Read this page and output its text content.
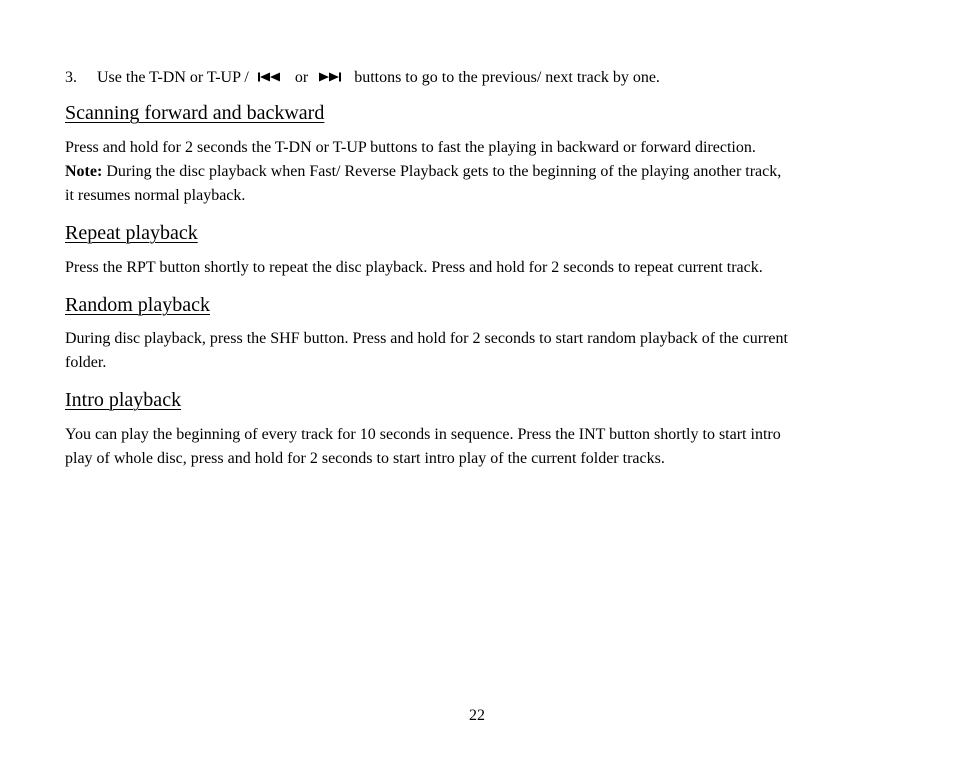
3. Use the T-DN or T-UP /	or	buttons to go to the previous/ next track by one.
Scanning forward and backward
Press and hold for 2 seconds the T-DN or T-UP buttons to fast the playing in backward or forward direction.
Note: During the disc playback when Fast/ Reverse Playback gets to the beginning of the playing another track,
it resumes normal playback.
Repeat playback
Press the RPT button shortly to repeat the disc playback. Press and hold for 2 seconds to repeat current track.
Random playback
During disc playback, press the SHF button. Press and hold for 2 seconds to start random playback of the current
folder.
Intro playback
You can play the beginning of every track for 10 seconds in sequence. Press the INT button shortly to start intro
play of whole disc, press and hold for 2 seconds to start intro play of the current folder tracks.
22
